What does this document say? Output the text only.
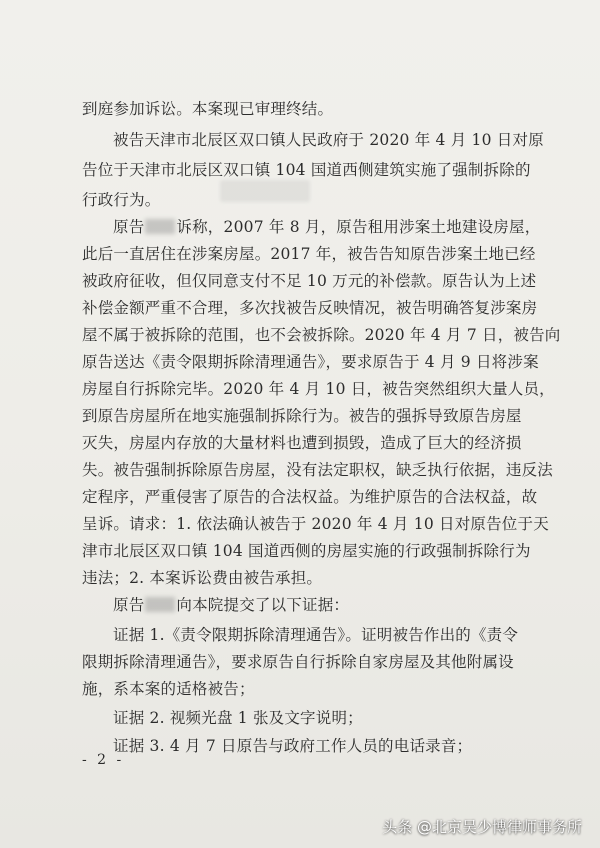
到庭参加诉讼。本案现已审理终结。
被告天津市北辰区双口镇人民政府于 2020 年 4 月 10 日对原
告位于天津市北辰区双口镇 104 国道西侧建筑实施了强制拆除的
行政行为。
原告 诉称，2007 年 8 月，原告租用涉案土地建设房屋，
此后一直居住在涉案房屋。2017 年，被告告知原告涉案土地已经
被政府征收，但仅同意支付不足 10 万元的补偿款。原告认为上述
补偿金额严重不合理，多次找被告反映情况，被告明确答复涉案房
屋不属于被拆除的范围，也不会被拆除。2020 年 4 月 7 日，被告向
原告送达《责令限期拆除清理通告》，要求原告于 4 月 9 日将涉案
房屋自行拆除完毕。2020 年 4 月 10 日，被告突然组织大量人员，
到原告房屋所在地实施强制拆除行为。被告的强拆导致原告房屋
灭失，房屋内存放的大量材料也遭到损毁，造成了巨大的经济损
失。被告强制拆除原告房屋，没有法定职权，缺乏执行依据，违反法
定程序，严重侵害了原告的合法权益。为维护原告的合法权益，故
呈诉。请求：1. 依法确认被告于 2020 年 4 月 10 日对原告位于天
津市北辰区双口镇 104 国道西侧的房屋实施的行政强制拆除行为
违法；2. 本案诉讼费由被告承担。
原告 向本院提交了以下证据：
证据 1.《责令限期拆除清理通告》。证明被告作出的《责令
限期拆除清理通告》，要求原告自行拆除自家房屋及其他附属设
施，系本案的适格被告；
证据 2. 视频光盘 1 张及文字说明；
证据 3. 4 月 7 日原告与政府工作人员的电话录音；
- 2 -
头条 @北京吴少博律师事务所
